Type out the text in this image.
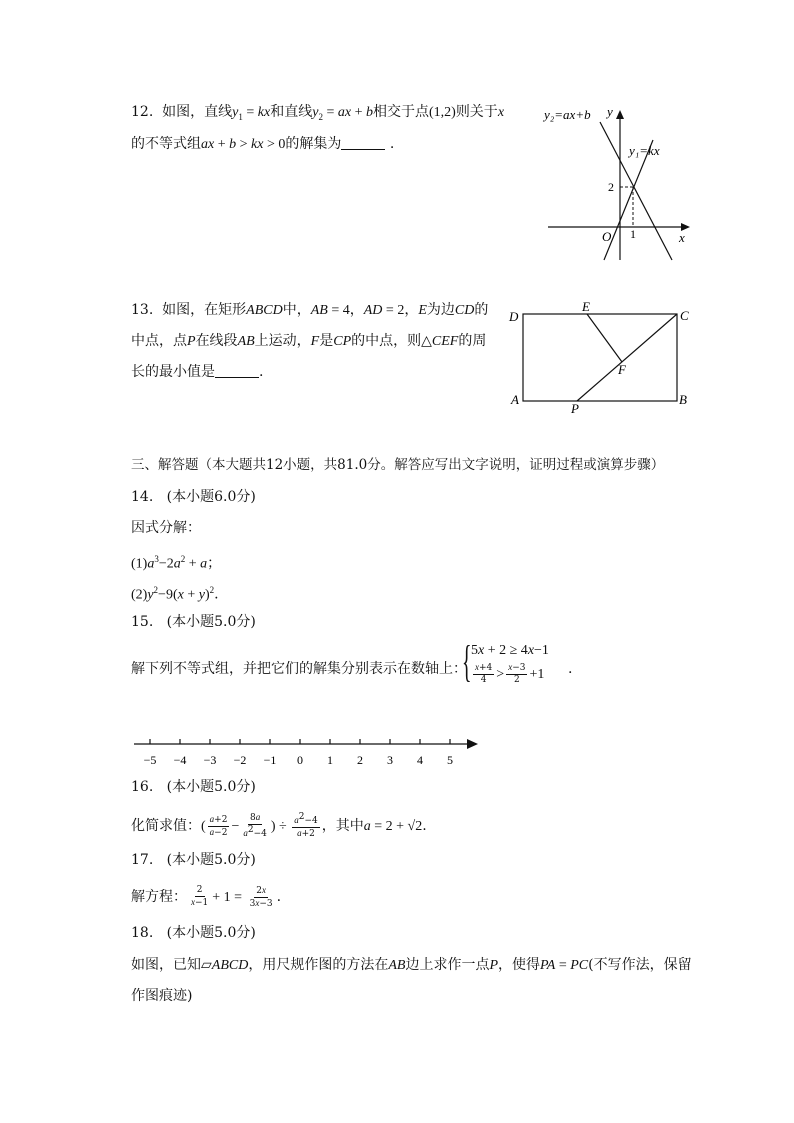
12. 如图，直线$y_1$ = kx和直线$y_2$ = ax + b相交于点(1,2)则关于x
的不等式组ax + b > kx > 0的解集为	.
y₂=ax+b y
y₁=kx
2
O 1	x
13. 如图，在矩形ABCD中，AB = 4，AD = 2，E为边CD的
中点，点P在线段AB上运动，F是CP的中点，则△CEF的周
长的最小值是	.
D
E
C
F
A
P
B
三、解答题（本大题共12小题，共81.0分。解答应写出文字说明，证明过程或演算步骤）
14. (本小题6.0分)
因式分解：
$(1)a^3-2a^2 + a$；
$(2)y^2-9(x + y)^2$.
15. (本小题5.0分)
解下列不等式组，并把它们的解集分别表示在数轴上：
{ 5x + 2 ≥ 4x−1
$\frac{x+4}{4} > \frac{x-3}{2} +1$ .
−5 −4 −3 −2 −1 0 1 2 3 4 5
16. (本小题5.0分)
化简求值：( $\frac{a+2}{a-2} - \frac{8a}{a^2-4}$ ) ÷ $\frac{a^2-4}{a+2}$ ，其中a = 2 + √2.
17. (本小题5.0分)
解方程： $\frac{2}{x-1} + 1 = \frac{2x}{3x-3}$ .
18. (本小题5.0分)
如图，已知▱ABCD，用尺规作图的方法在AB边上求作一点P，使得PA = PC(不写作法，保留
作图痕迹)
